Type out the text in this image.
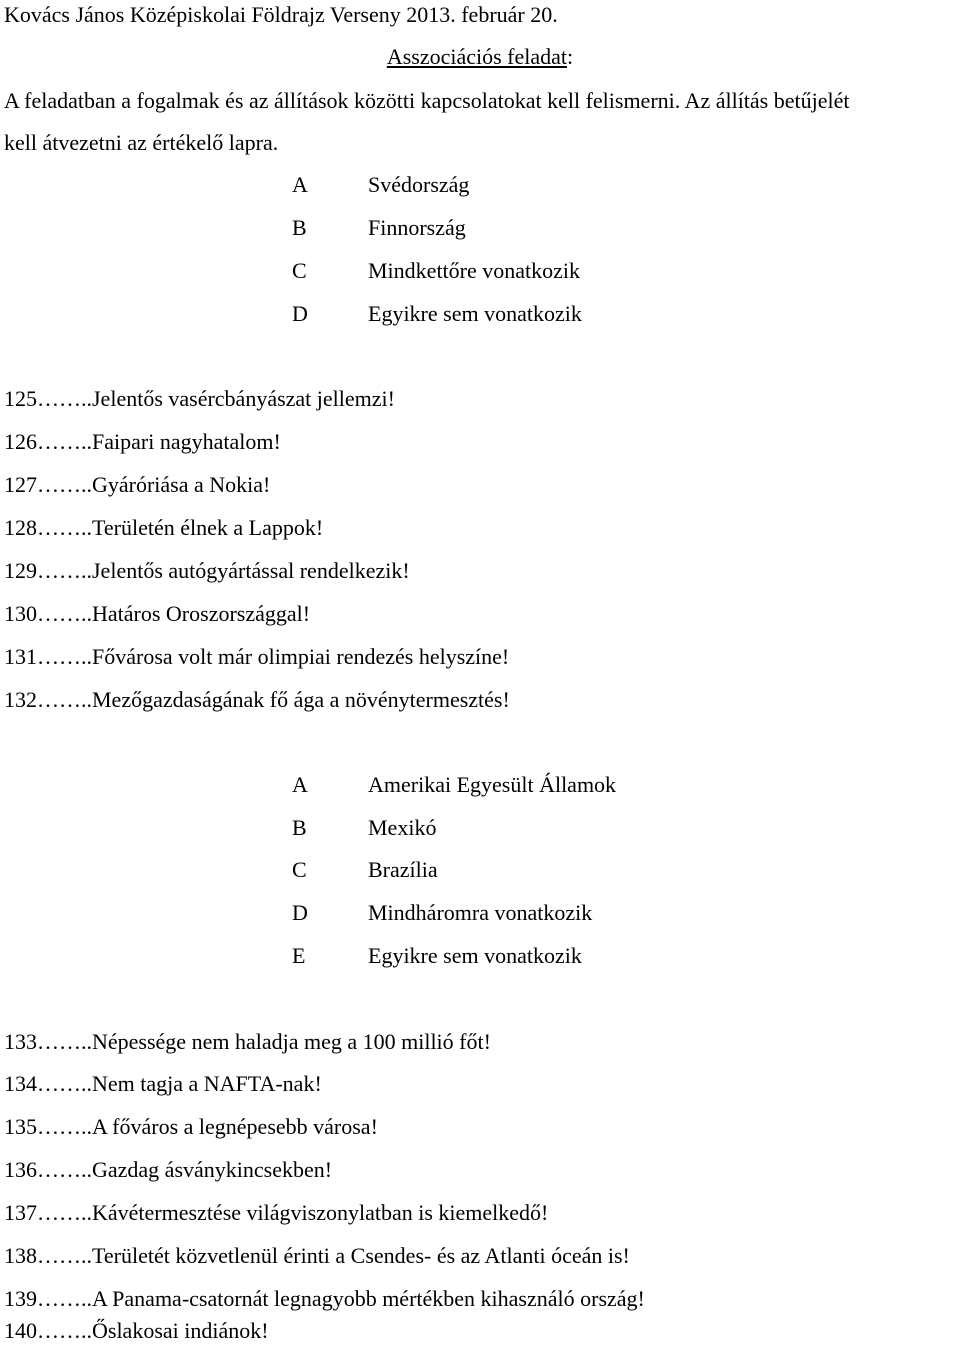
Kovács János Középiskolai Földrajz Verseny 2013. február 20.
Asszociációs feladat:
A feladatban a fogalmak és az állítások közötti kapcsolatokat kell felismerni. Az állítás betűjelét
kell átvezetni az értékelő lapra.
A	Svédország
B	Finnország
C	Mindkettőre vonatkozik
D	Egyikre sem vonatkozik
125……..Jelentős vasércbányászat jellemzi!
126……..Faipari nagyhatalom!
127……..Gyáróriása a Nokia!
128……..Területén élnek a Lappok!
129……..Jelentős autógyártással rendelkezik!
130……..Határos Oroszországgal!
131……..Fővárosa volt már olimpiai rendezés helyszíne!
132……..Mezőgazdaságának fő ága a növénytermesztés!
A	Amerikai Egyesült Államok
B	Mexikó
C	Brazília
D	Mindháromra vonatkozik
E	Egyikre sem vonatkozik
133……..Népessége nem haladja meg a 100 millió főt!
134……..Nem tagja a NAFTA-nak!
135……..A főváros a legnépesebb városa!
136……..Gazdag ásványkincsekben!
137……..Kávétermesztése világviszonylatban is kiemelkedő!
138……..Területét közvetlenül érinti a Csendes- és az Atlanti óceán is!
139……..A Panama-csatornát legnagyobb mértékben kihasználó ország!
140……..Őslakosai indiánok!
